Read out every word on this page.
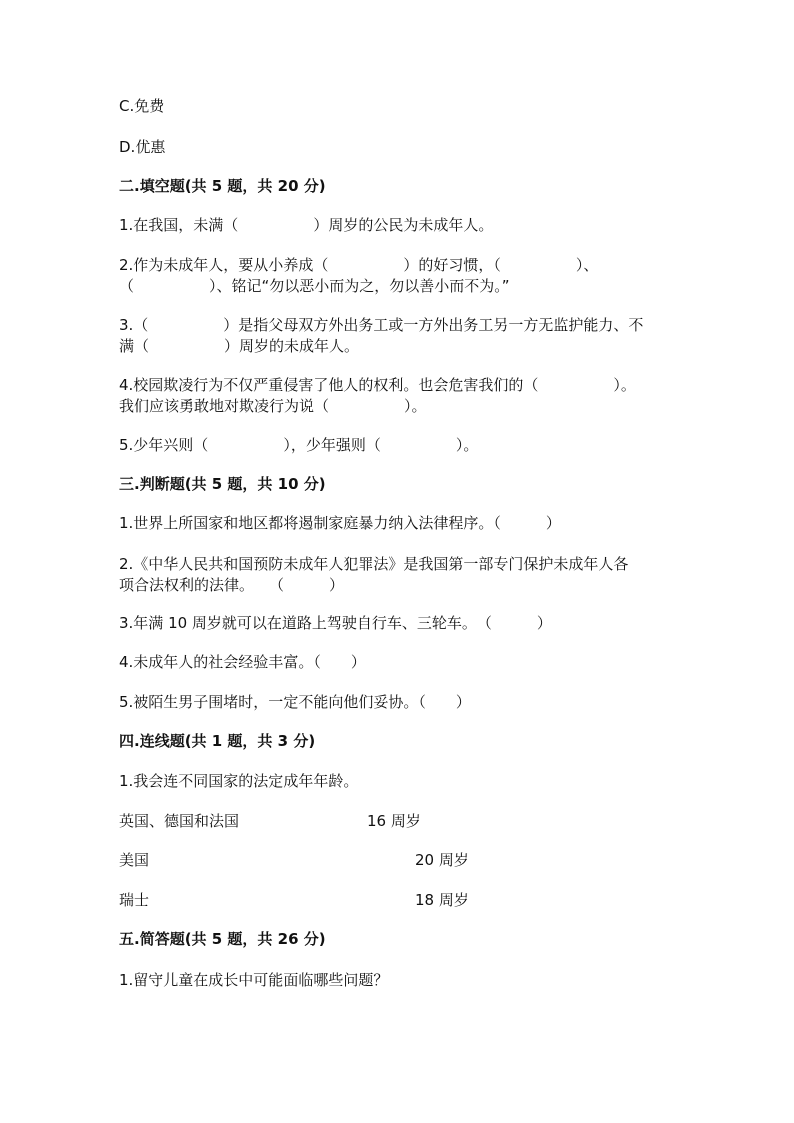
C.免费
D.优惠
二.填空题(共 5 题，共 20 分)
1.在我国，未满（　　　　　）周岁的公民为未成年人。
2.作为未成年人，要从小养成（　　　　　）的好习惯，（　　　　　）、
（　　　　　）、铭记“勿以恶小而为之，勿以善小而不为。”
3.（　　　　　）是指父母双方外出务工或一方外出务工另一方无监护能力、不
满（　　　　　）周岁的未成年人。
4.校园欺凌行为不仅严重侵害了他人的权利。也会危害我们的（　　　　　）。
我们应该勇敢地对欺凌行为说（　　　　　）。
5.少年兴则（　　　　　），少年强则（　　　　　）。
三.判断题(共 5 题，共 10 分)
1.世界上所国家和地区都将遏制家庭暴力纳入法律程序。（　　　）
2.《中华人民共和国预防未成年人犯罪法》是我国第一部专门保护未成年人各
项合法权利的法律。　　（　　　）
3.年满 10 周岁就可以在道路上驾驶自行车、三轮车。　（　　　）
4.未成年人的社会经验丰富。（　　）
5.被陌生男子围堵时，一定不能向他们妥协。（　　）
四.连线题(共 1 题，共 3 分)
1.我会连不同国家的法定成年年龄。
英国、德国和法国	16 周岁
美国	20 周岁
瑞士	18 周岁
五.简答题(共 5 题，共 26 分)
1.留守儿童在成长中可能面临哪些问题？
